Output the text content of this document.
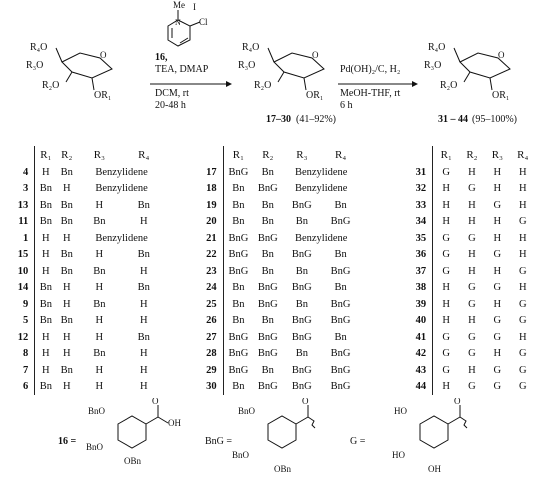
O
R₄O
R₃O
R₂O
OR₁
Me I
Cl
N
16,
TEA, DMAP
DCM, rt
20-48 h
O
R₄O
R₃O
R₂O
OR₁
17–30 (41–92%)
Pd(OH)₂/C, H₂
MeOH-THF, rt
6 h
O
R₄O
R₃O
R₂O
OR₁
31 – 44 (95–100%)
	R₁	R₂	R₃	R₄
4	H	Bn	Benzylidene	
3	Bn	H	Benzylidene	
13	Bn	Bn	H	Bn
11	Bn	Bn	Bn	H
1	H	H	Benzylidene	
15	H	Bn	H	Bn
10	H	Bn	Bn	H
14	Bn	H	H	Bn
9	Bn	H	Bn	H
5	Bn	Bn	H	H
12	H	H	H	Bn
8	H	H	Bn	H
7	H	Bn	H	H
6	Bn	H	H	H
	R₁	R₂	R₃	R₄
17	BnG	Bn	Benzylidene	
18	Bn	BnG	Benzylidene	
19	Bn	Bn	BnG	Bn
20	Bn	Bn	Bn	BnG
21	BnG	BnG	Benzylidene	
22	BnG	Bn	BnG	Bn
23	BnG	Bn	Bn	BnG
24	Bn	BnG	BnG	Bn
25	Bn	BnG	Bn	BnG
26	Bn	Bn	BnG	BnG
27	BnG	BnG	BnG	Bn
28	BnG	BnG	Bn	BnG
29	BnG	Bn	BnG	BnG
30	Bn	BnG	BnG	BnG
	R₁	R₂	R₃	R₄
31	G	H	H	H
32	H	G	H	H
33	H	H	G	H
34	H	H	H	G
35	G	G	H	H
36	G	H	G	H
37	G	H	H	G
38	H	G	G	H
39	H	G	H	G
40	H	H	G	G
41	G	G	G	H
42	G	G	H	G
43	G	H	G	G
44	H	G	G	G
16 =
O
OH
BnO
BnO
OBn
BnG =
O
BnO
BnO
OBn
G =
O
HO
HO
OH
